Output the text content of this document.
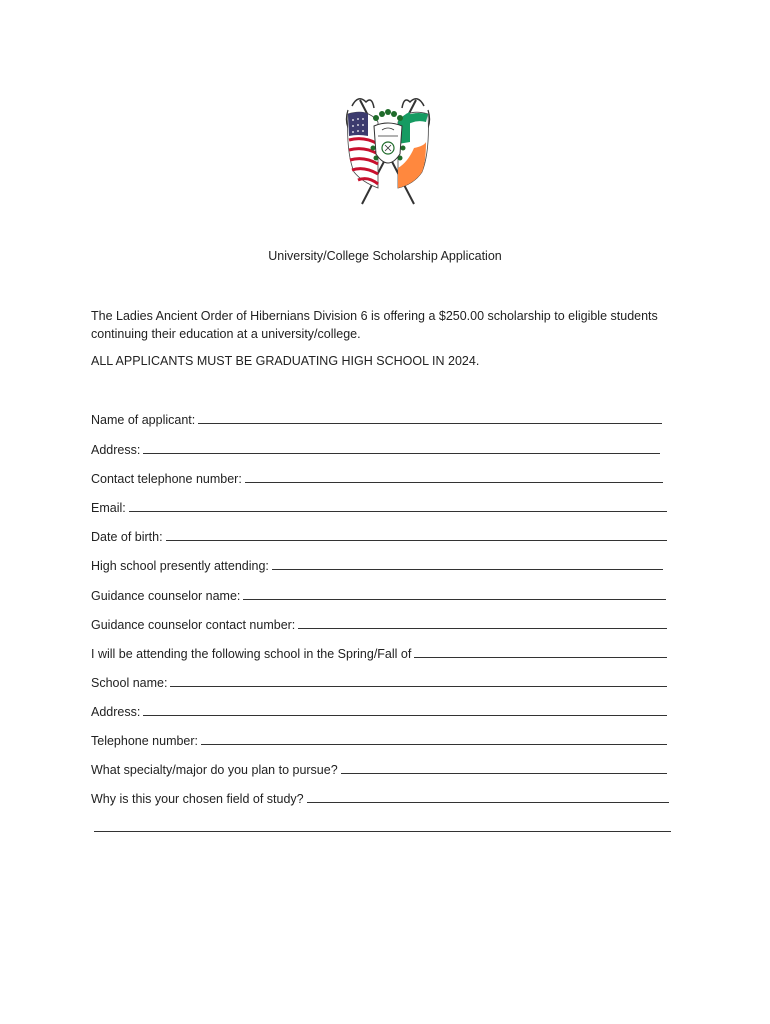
University/College Scholarship Application
The Ladies Ancient Order of Hibernians Division 6 is offering a $250.00 scholarship to eligible students continuing their education at a university/college.
ALL APPLICANTS MUST BE GRADUATING HIGH SCHOOL IN 2024.
Name of applicant:
Address:
Contact telephone number:
Email:
Date of birth:
High school presently attending:
Guidance counselor name:
Guidance counselor contact number:
I will be attending the following school in the Spring/Fall of
School name:
Address:
Telephone number:
What specialty/major do you plan to pursue?
Why is this your chosen field of study?
